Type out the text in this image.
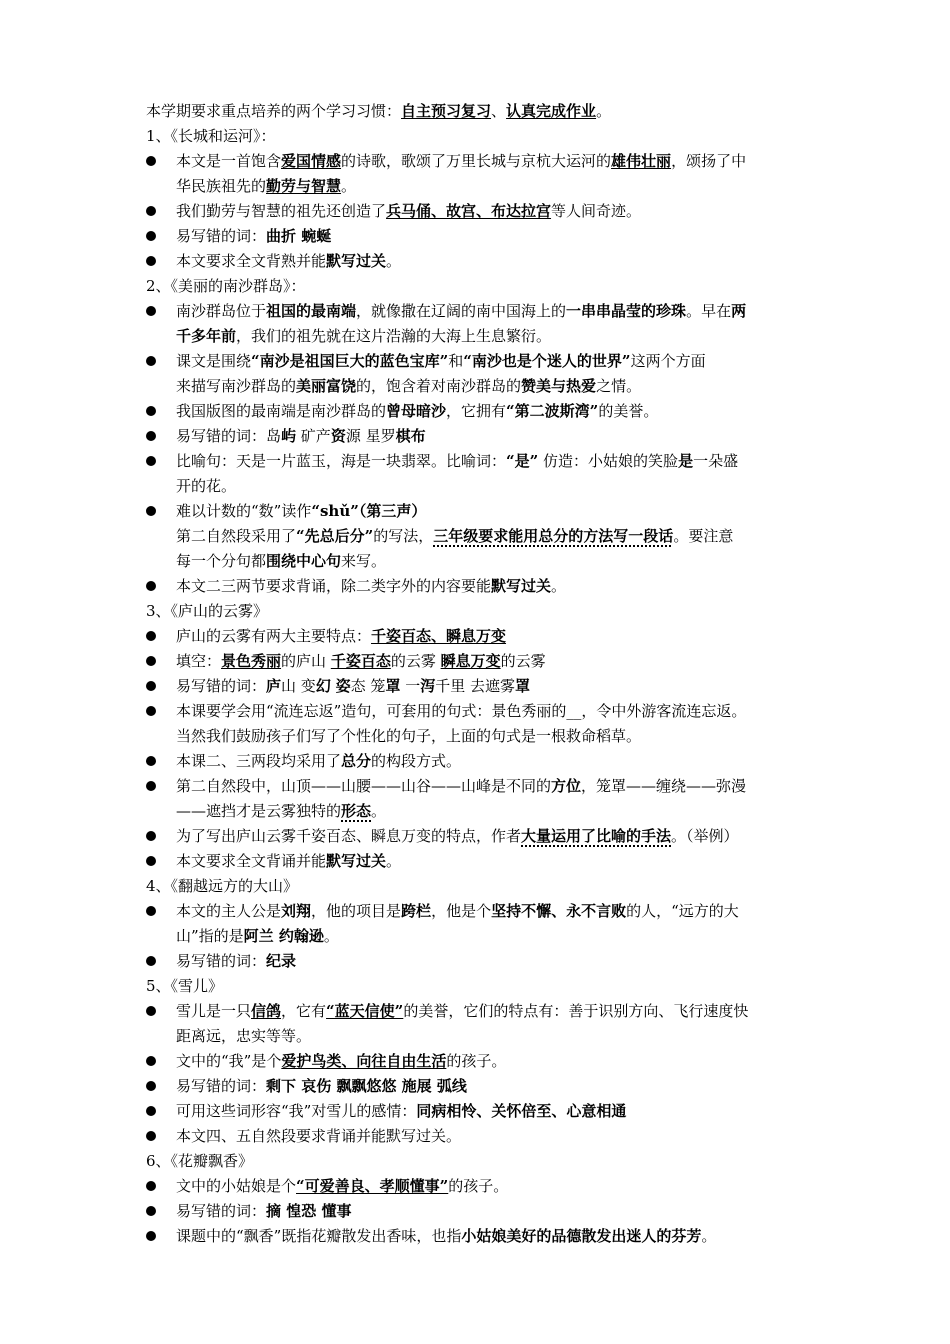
本学期要求重点培养的两个学习习惯：自主预习复习、认真完成作业。
1、《长城和运河》：
本文是一首饱含爱国情感的诗歌，歌颂了万里长城与京杭大运河的雄伟壮丽，颂扬了中
华民族祖先的勤劳与智慧。
我们勤劳与智慧的祖先还创造了兵马俑、故宫、布达拉宫等人间奇迹。
易写错的词：曲折 蜿蜒
本文要求全文背熟并能默写过关。
2、《美丽的南沙群岛》：
南沙群岛位于祖国的最南端，就像撒在辽阔的南中国海上的一串串晶莹的珍珠。早在两
千多年前，我们的祖先就在这片浩瀚的大海上生息繁衍。
课文是围绕“南沙是祖国巨大的蓝色宝库”和“南沙也是个迷人的世界”这两个方面
来描写南沙群岛的美丽富饶的，饱含着对南沙群岛的赞美与热爱之情。
我国版图的最南端是南沙群岛的曾母暗沙，它拥有“第二波斯湾”的美誉。
易写错的词：岛屿 矿产资源 星罗棋布
比喻句：天是一片蓝玉，海是一块翡翠。比喻词：“是” 仿造：小姑娘的笑脸是一朵盛
开的花。
难以计数的“数”读作“shǔ”（第三声）
第二自然段采用了“先总后分”的写法，三年级要求能用总分的方法写一段话。要注意
每一个分句都围绕中心句来写。
本文二三两节要求背诵，除二类字外的内容要能默写过关。
3、《庐山的云雾》
庐山的云雾有两大主要特点：千姿百态、瞬息万变
填空：景色秀丽的庐山 千姿百态的云雾 瞬息万变的云雾
易写错的词：庐山 变幻 姿态 笼罩 一泻千里 去遮雾罩
本课要学会用“流连忘返”造句，可套用的句式：景色秀丽的__，令中外游客流连忘返。
当然我们鼓励孩子们写了个性化的句子，上面的句式是一根救命稻草。
本课二、三两段均采用了总分的构段方式。
第二自然段中，山顶——山腰——山谷——山峰是不同的方位，笼罩——缠绕——弥漫
——遮挡才是云雾独特的形态。
为了写出庐山云雾千姿百态、瞬息万变的特点，作者大量运用了比喻的手法。（举例）
本文要求全文背诵并能默写过关。
4、《翻越远方的大山》
本文的主人公是刘翔，他的项目是跨栏，他是个坚持不懈、永不言败的人，“远方的大
山”指的是阿兰 约翰逊。
易写错的词：纪录
5、《雪儿》
雪儿是一只信鸽，它有“蓝天信使”的美誉，它们的特点有：善于识别方向、飞行速度快
距离远，忠实等等。
文中的“我”是个爱护鸟类、向往自由生活的孩子。
易写错的词：剩下 哀伤 飘飘悠悠 施展 弧线
可用这些词形容“我”对雪儿的感情：同病相怜、关怀倍至、心意相通
本文四、五自然段要求背诵并能默写过关。
6、《花瓣飘香》
文中的小姑娘是个“可爱善良、孝顺懂事”的孩子。
易写错的词：摘 惶恐 懂事
课题中的“飘香”既指花瓣散发出香味，也指小姑娘美好的品德散发出迷人的芬芳。
